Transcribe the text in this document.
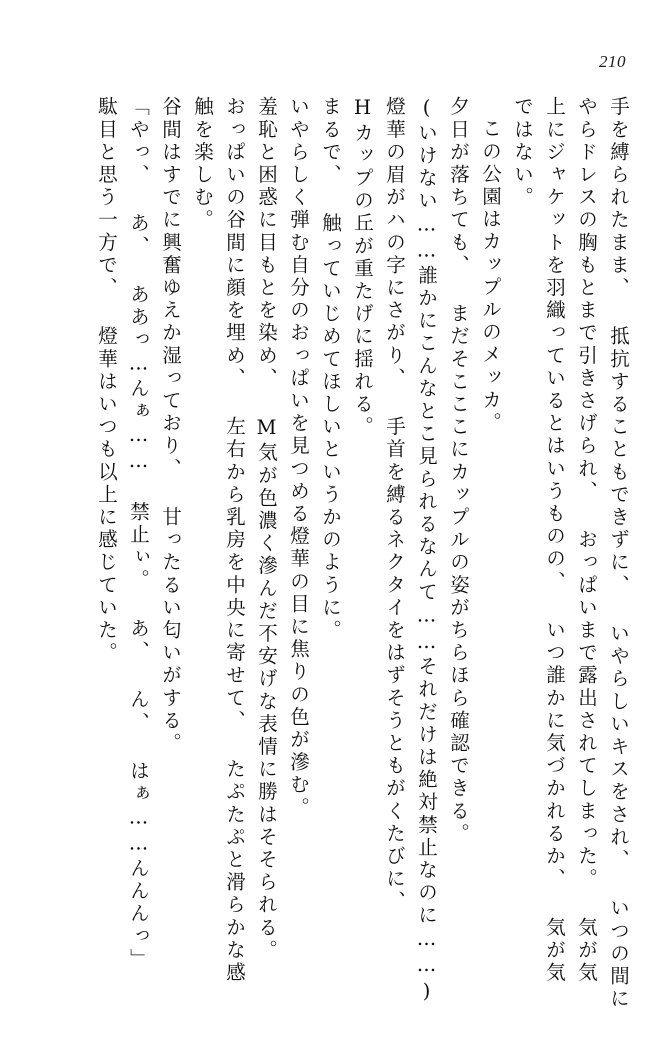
210
手を縛られたまま、 抵抗することもできずに、 いやらしいキスをされ、 いつの間に
やらドレスの胸もとまで引きさげられ、 おっぱいまで露出されてしまった。 気が気
上にジャケットを羽織っているとはいうものの、 いつ誰かに気づかれるか、 気が気
ではない。
この公園はカップルのメッカ。
夕日が落ちても、 まだそこここにカップルの姿がちらほら確認できる。
(いけない……誰かにこんなとこ見られるなんて……それだけは絶対禁止なのに……)
燈華の眉がハの字にさがり、 手首を縛るネクタイをはずそうともがくたびに、
Hカップの丘が重たげに揺れる。
まるで、 触っていじめてほしいというかのように。
いやらしく弾む自分のおっぱいを見つめる燈華の目に焦りの色が滲む。
羞恥と困惑に目もとを染め、 M気が色濃く滲んだ不安げな表情に勝はそそられる。
おっぱいの谷間に顔を埋め、 左右から乳房を中央に寄せて、 たぷたぷと滑らかな感
触を楽しむ。
谷間はすでに興奮ゆえか湿っており、 甘ったるい匂いがする。
「やっ、 あ、 ああっ…んぁ…… 禁止ぃ。 あ、 ん、 はぁ……んんんっ」
駄目と思う一方で、 燈華はいつも以上に感じていた。
